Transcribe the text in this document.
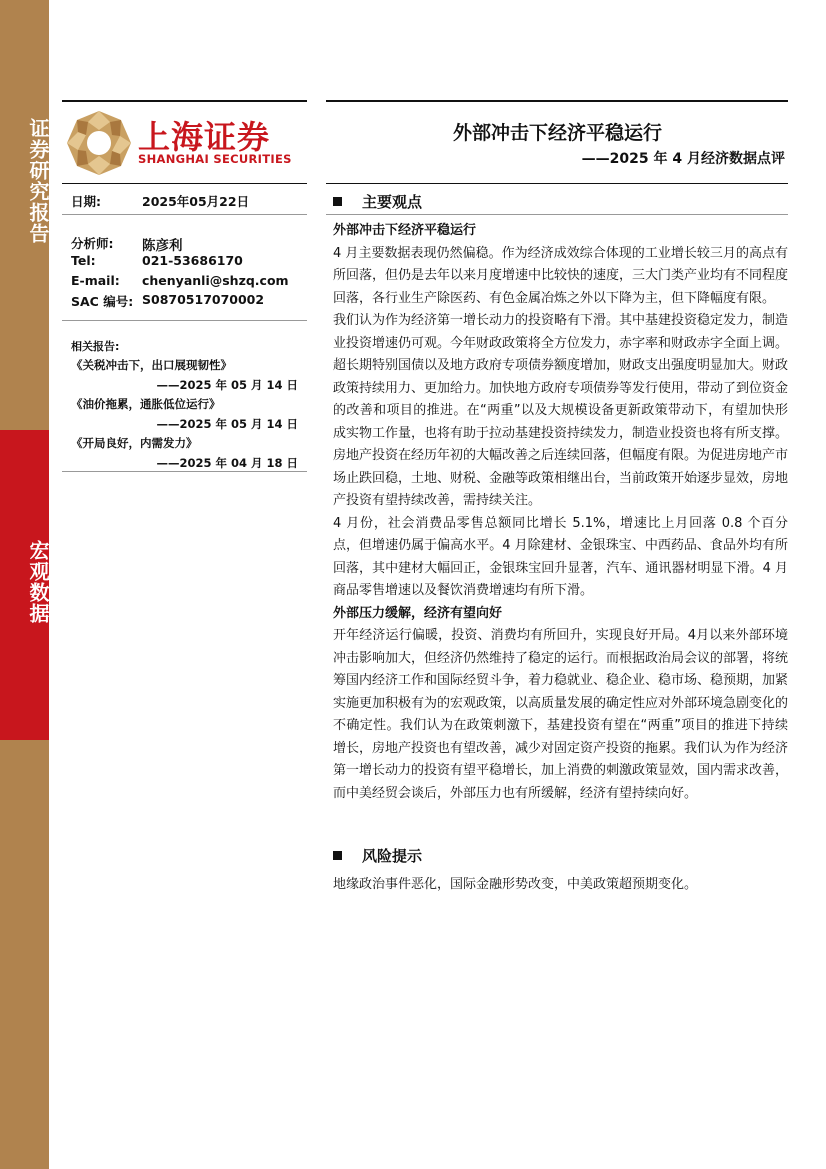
证券研究报告
宏观数据
上海证券
SHANGHAI SECURITIES
外部冲击下经济平稳运行
——2025 年 4 月经济数据点评
日期:	2025年05月22日
分析师: 陈彦利
Tel:	021-53686170
E-mail: chenyanli@shzq.com
SAC 编号: S0870517070002
相关报告:
《关税冲击下，出口展现韧性》
——2025 年 05 月 14 日
《油价拖累，通胀低位运行》
——2025 年 05 月 14 日
《开局良好，内需发力》
——2025 年 04 月 18 日
主要观点

外部冲击下经济平稳运行

4 月主要数据表现仍然偏稳。作为经济成效综合体现的工业增长较三月的高点有所回落，但仍是去年以来月度增速中比较快的速度，三大门类产业均有不同程度回落，各行业生产除医药、有色金属冶炼之外以下降为主，但下降幅度有限。

我们认为作为经济第一增长动力的投资略有下滑。其中基建投资稳定发力，制造业投资增速仍可观。今年财政政策将全方位发力，赤字率和财政赤字全面上调。超长期特别国债以及地方政府专项债券额度增加，财政支出强度明显加大。财政政策持续用力、更加给力。加快地方政府专项债券等发行使用，带动了到位资金的改善和项目的推进。在“两重”以及大规模设备更新政策带动下，有望加快形成实物工作量，也将有助于拉动基建投资持续发力，制造业投资也将有所支撑。房地产投资在经历年初的大幅改善之后连续回落，但幅度有限。为促进房地产市场止跌回稳，土地、财税、金融等政策相继出台，当前政策开始逐步显效，房地产投资有望持续改善，需持续关注。

4 月份，社会消费品零售总额同比增长 5.1%，增速比上月回落 0.8 个百分点，但增速仍属于偏高水平。4 月除建材、金银珠宝、中西药品、食品外均有所回落，其中建材大幅回正，金银珠宝回升显著，汽车、通讯器材明显下滑。4 月商品零售增速以及餐饮消费增速均有所下滑。

外部压力缓解，经济有望向好

开年经济运行偏暖，投资、消费均有所回升，实现良好开局。4月以来外部环境冲击影响加大，但经济仍然维持了稳定的运行。而根据政治局会议的部署，将统筹国内经济工作和国际经贸斗争，着力稳就业、稳企业、稳市场、稳预期，加紧实施更加积极有为的宏观政策，以高质量发展的确定性应对外部环境急剧变化的不确定性。我们认为在政策刺激下，基建投资有望在“两重”项目的推进下持续增长，房地产投资也有望改善，减少对固定资产投资的拖累。我们认为作为经济第一增长动力的投资有望平稳增长，加上消费的刺激政策显效，国内需求改善，而中美经贸会谈后，外部压力也有所缓解，经济有望持续向好。

风险提示

地缘政治事件恶化，国际金融形势改变，中美政策超预期变化。
